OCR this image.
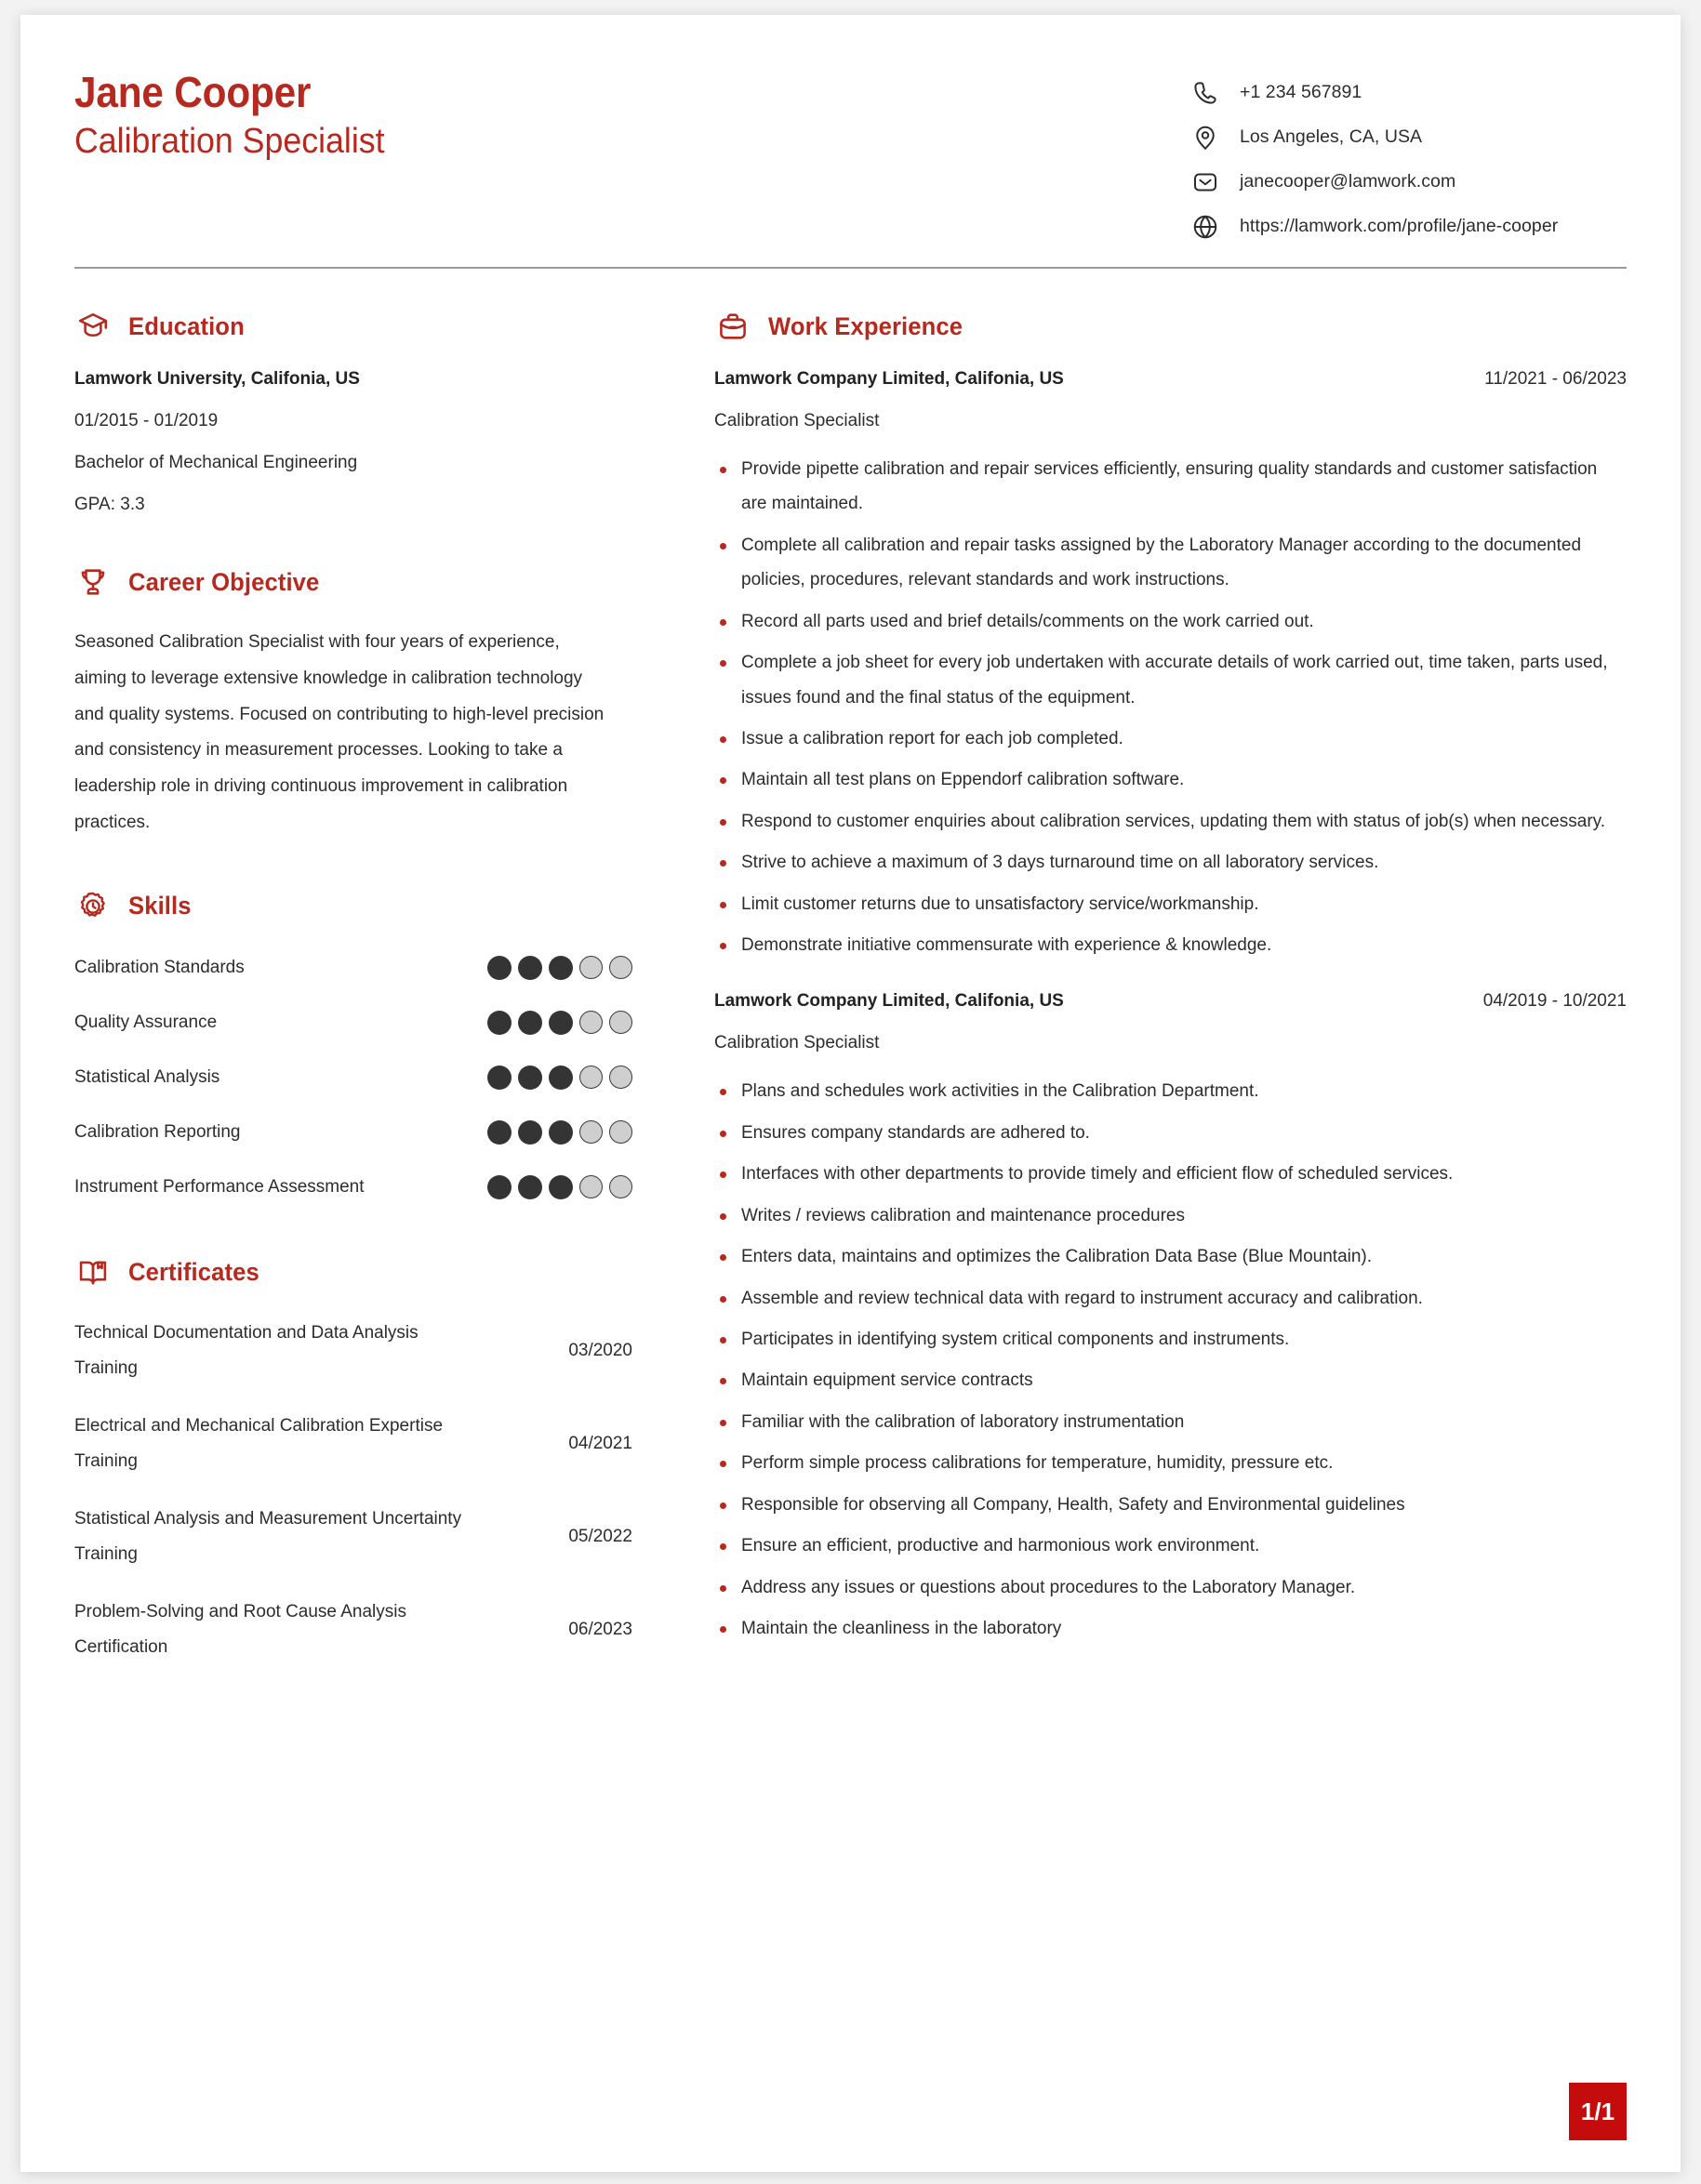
Jane Cooper
Calibration Specialist
+1 234 567891
Los Angeles, CA, USA
janecooper@lamwork.com
https://lamwork.com/profile/jane-cooper
Education
Lamwork University, Califonia, US
01/2015 - 01/2019
Bachelor of Mechanical Engineering
GPA: 3.3
Career Objective
Seasoned Calibration Specialist with four years of experience, aiming to leverage extensive knowledge in calibration technology and quality systems. Focused on contributing to high-level precision and consistency in measurement processes. Looking to take a leadership role in driving continuous improvement in calibration practices.
Skills
Calibration Standards
Quality Assurance
Statistical Analysis
Calibration Reporting
Instrument Performance Assessment
Certificates
Technical Documentation and Data Analysis Training
03/2020
Electrical and Mechanical Calibration Expertise Training
04/2021
Statistical Analysis and Measurement Uncertainty Training
05/2022
Problem-Solving and Root Cause Analysis Certification
06/2023
Work Experience
Lamwork Company Limited, Califonia, US	11/2021 - 06/2023
Calibration Specialist
Provide pipette calibration and repair services efficiently, ensuring quality standards and customer satisfaction are maintained.
Complete all calibration and repair tasks assigned by the Laboratory Manager according to the documented policies, procedures, relevant standards and work instructions.
Record all parts used and brief details/comments on the work carried out.
Complete a job sheet for every job undertaken with accurate details of work carried out, time taken, parts used, issues found and the final status of the equipment.
Issue a calibration report for each job completed.
Maintain all test plans on Eppendorf calibration software.
Respond to customer enquiries about calibration services, updating them with status of job(s) when necessary.
Strive to achieve a maximum of 3 days turnaround time on all laboratory services.
Limit customer returns due to unsatisfactory service/workmanship.
Demonstrate initiative commensurate with experience & knowledge.
Lamwork Company Limited, Califonia, US	04/2019 - 10/2021
Calibration Specialist
Plans and schedules work activities in the Calibration Department.
Ensures company standards are adhered to.
Interfaces with other departments to provide timely and efficient flow of scheduled services.
Writes / reviews calibration and maintenance procedures
Enters data, maintains and optimizes the Calibration Data Base (Blue Mountain).
Assemble and review technical data with regard to instrument accuracy and calibration.
Participates in identifying system critical components and instruments.
Maintain equipment service contracts
Familiar with the calibration of laboratory instrumentation
Perform simple process calibrations for temperature, humidity, pressure etc.
Responsible for observing all Company, Health, Safety and Environmental guidelines
Ensure an efficient, productive and harmonious work environment.
Address any issues or questions about procedures to the Laboratory Manager.
Maintain the cleanliness in the laboratory
1/1
